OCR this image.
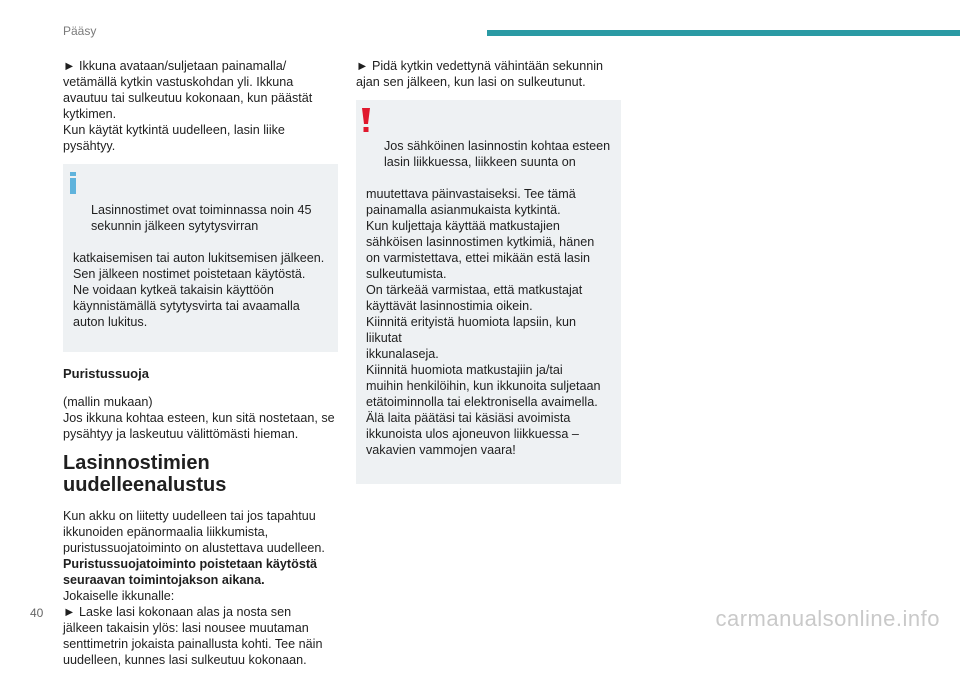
Pääsy

► Ikkuna avataan/suljetaan painamalla/
vetämällä kytkin vastuskohdan yli. Ikkuna
avautuu tai sulkeutuu kokonaan, kun päästät
kytkimen.
Kun käytät kytkintä uudelleen, lasin liike
pysähtyy.

Lasinnostimet ovat toiminnassa noin 45
sekunnin jälkeen sytytysvirran

katkaisemisen tai auton lukitsemisen jälkeen.
Sen jälkeen nostimet poistetaan käytöstä.
Ne voidaan kytkeä takaisin käyttöön
käynnistämällä sytytysvirta tai avaamalla
auton lukitus.

Puristussuoja

(mallin mukaan)
Jos ikkuna kohtaa esteen, kun sitä nostetaan, se
pysähtyy ja laskeutuu välittömästi hieman.

Lasinnostimien
uudelleenalustus

Kun akku on liitetty uudelleen tai jos tapahtuu
ikkunoiden epänormaalia liikkumista,
puristussuojatoiminto on alustettava uudelleen.

Puristussuojatoiminto poistetaan käytöstä
seuraavan toimintojakson aikana.

Jokaiselle ikkunalle:
► Laske lasi kokonaan alas ja nosta sen
jälkeen takaisin ylös: lasi nousee muutaman
senttimetrin jokaista painallusta kohti. Tee näin
uudelleen, kunnes lasi sulkeutuu kokonaan.

► Pidä kytkin vedettynä vähintään sekunnin
ajan sen jälkeen, kun lasi on sulkeutunut.

Jos sähköinen lasinnostin kohtaa esteen
lasin liikkuessa, liikkeen suunta on

muutettava päinvastaiseksi. Tee tämä
painamalla asianmukaista kytkintä.
Kun kuljettaja käyttää matkustajien
sähköisen lasinnostimen kytkimiä, hänen
on varmistettava, ettei mikään estä lasin
sulkeutumista.
On tärkeää varmistaa, että matkustajat
käyttävät lasinnostimia oikein.
Kiinnitä erityistä huomiota lapsiin, kun liikutat
ikkunalaseja.
Kiinnitä huomiota matkustajiin ja/tai
muihin henkilöihin, kun ikkunoita suljetaan
etätoiminnolla tai elektronisella avaimella.
Älä laita päätäsi tai käsiäsi avoimista
ikkunoista ulos ajoneuvon liikkuessa –
vakavien vammojen vaara!

40	carmanualsonline.info
